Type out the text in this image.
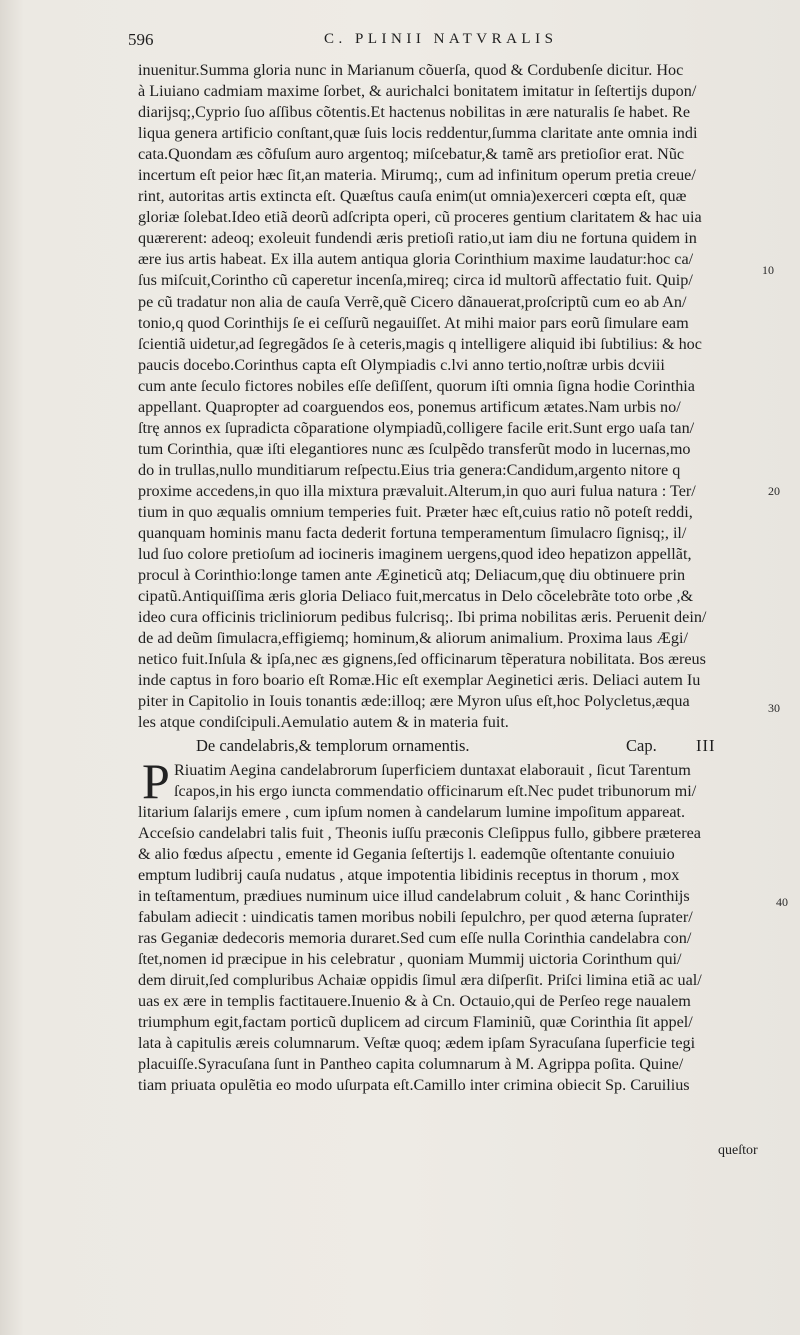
596	C. PLINII NATVRALIS
inuenitur.Summa gloria nunc in Marianum cõuerſa, quod & Cordubenſe dicitur. Hoc
à Liuiano cadmiam maxime ſorbet, & aurichalci bonitatem imitatur in ſeſtertijs dupon/
diarijsq;,Cyprio ſuo aſſibus cõtentis.Et hactenus nobilitas in ære naturalis ſe habet. Re
liqua genera artificio conſtant,quæ ſuis locis reddentur,ſumma claritate ante omnia indi
cata.Quondam æs cõfuſum auro argentoq; miſcebatur,& tamẽ ars pretioſior erat. Nũc
incertum eſt peior hæc ſit,an materia. Mirumq;, cum ad infinitum operum pretia creue/
rint, autoritas artis extincta eſt. Quæſtus cauſa enim(ut omnia)exerceri cœpta eſt, quæ
gloriæ ſolebat.Ideo etiã deorũ adſcripta operi, cũ proceres gentium claritatem & hac uia
quærerent: adeoq; exoleuit fundendi æris pretioſi ratio,ut iam diu ne fortuna quidem in
ære ius artis habeat. Ex illa autem antiqua gloria Corinthium maxime laudatur:hoc ca/
ſus miſcuit,Corintho cũ caperetur incenſa,mireq; circa id multorũ affectatio fuit. Quip/
pe cũ tradatur non alia de cauſa Verrẽ,quẽ Cicero dãnauerat,proſcriptũ cum eo ab An/
tonio,q quod Corinthijs ſe ei ceſſurũ negauiſſet. At mihi maior pars eorũ ſimulare eam
ſcientiã uidetur,ad ſegregãdos ſe à ceteris,magis q intelligere aliquid ibi ſubtilius: & hoc
paucis docebo.Corinthus capta eſt Olympiadis c.lvi anno tertio,noſtræ urbis dcviii
cum ante ſeculo fictores nobiles eſſe deſiſſent, quorum iſti omnia ſigna hodie Corinthia
appellant. Quapropter ad coarguendos eos, ponemus artificum ætates.Nam urbis no/
ſtrę annos ex ſupradicta cõparatione olympiadũ,colligere facile erit.Sunt ergo uaſa tan/
tum Corinthia, quæ iſti elegantiores nunc æs ſculpẽdo transferũt modo in lucernas,mo
do in trullas,nullo munditiarum reſpectu.Eius tria genera:Candidum,argento nitore q
proxime accedens,in quo illa mixtura prævaluit.Alterum,in quo auri fulua natura : Ter/
tium in quo æqualis omnium temperies fuit. Præter hæc eſt,cuius ratio nõ poteſt reddi,
quanquam hominis manu facta dederit fortuna temperamentum ſimulacro ſignisq;, il/
lud ſuo colore pretioſum ad iocineris imaginem uergens,quod ideo hepatizon appellãt,
procul à Corinthio:longe tamen ante Ægineticũ atq; Deliacum,quę diu obtinuere prin
cipatũ.Antiquiſſima æris gloria Deliaco fuit,mercatus in Delo cõcelebrãte toto orbe ,&
ideo cura officinis tricliniorum pedibus fulcrisq;. Ibi prima nobilitas æris. Peruenit dein/
de ad deũm ſimulacra,effigiemq; hominum,& aliorum animalium. Proxima laus Ægi/
netico fuit.Inſula & ipſa,nec æs gignens,ſed officinarum tẽperatura nobilitata. Bos æreus
inde captus in foro boario eſt Romæ.Hic eſt exemplar Aeginetici æris. Deliaci autem Iu
piter in Capitolio in Iouis tonantis æde:illoq; ære Myron uſus eſt,hoc Polycletus,æqua
les atque condiſcipuli.Aemulatio autem & in materia fuit.
De candelabris,& templorum ornamentis.	Cap. III
P Riuatim Aegina candelabrorum ſuperficiem duntaxat elaborauit , ſicut Tarentum
ſcapos,in his ergo iuncta commendatio officinarum eſt.Nec pudet tribunorum mi/
litarium ſalarijs emere , cum ipſum nomen à candelarum lumine impoſitum appareat.
Acceſsio candelabri talis fuit , Theonis iuſſu præconis Cleſippus fullo, gibbere præterea
& alio fœdus aſpectu , emente id Gegania ſeſtertijs l. eademqũe oſtentante conuiuio
emptum ludibrij cauſa nudatus , atque impotentia libidinis receptus in thorum , mox
in teſtamentum, prædiues numinum uice illud candelabrum coluit , & hanc Corinthijs
fabulam adiecit : uindicatis tamen moribus nobili ſepulchro, per quod æterna ſuprater/
ras Geganiæ dedecoris memoria duraret.Sed cum eſſe nulla Corinthia candelabra con/
ſtet,nomen id præcipue in his celebratur , quoniam Mummij uictoria Corinthum qui/
dem diruit,ſed compluribus Achaiæ oppidis ſimul æra diſperſit. Priſci limina etiã ac ual/
uas ex ære in templis factitauere.Inuenio & à Cn. Octauio,qui de Perſeo rege naualem
triumphum egit,factam porticũ duplicem ad circum Flaminiũ, quæ Corinthia ſit appel/
lata à capitulis æreis columnarum. Veſtæ quoq; ædem ipſam Syracuſana ſuperficie tegi
placuiſſe.Syracuſana ſunt in Pantheo capita columnarum à M. Agrippa poſita. Quine/
tiam priuata opulẽtia eo modo uſurpata eſt.Camillo inter crimina obiecit Sp. Caruilius
10
20
30
40
queſtor
